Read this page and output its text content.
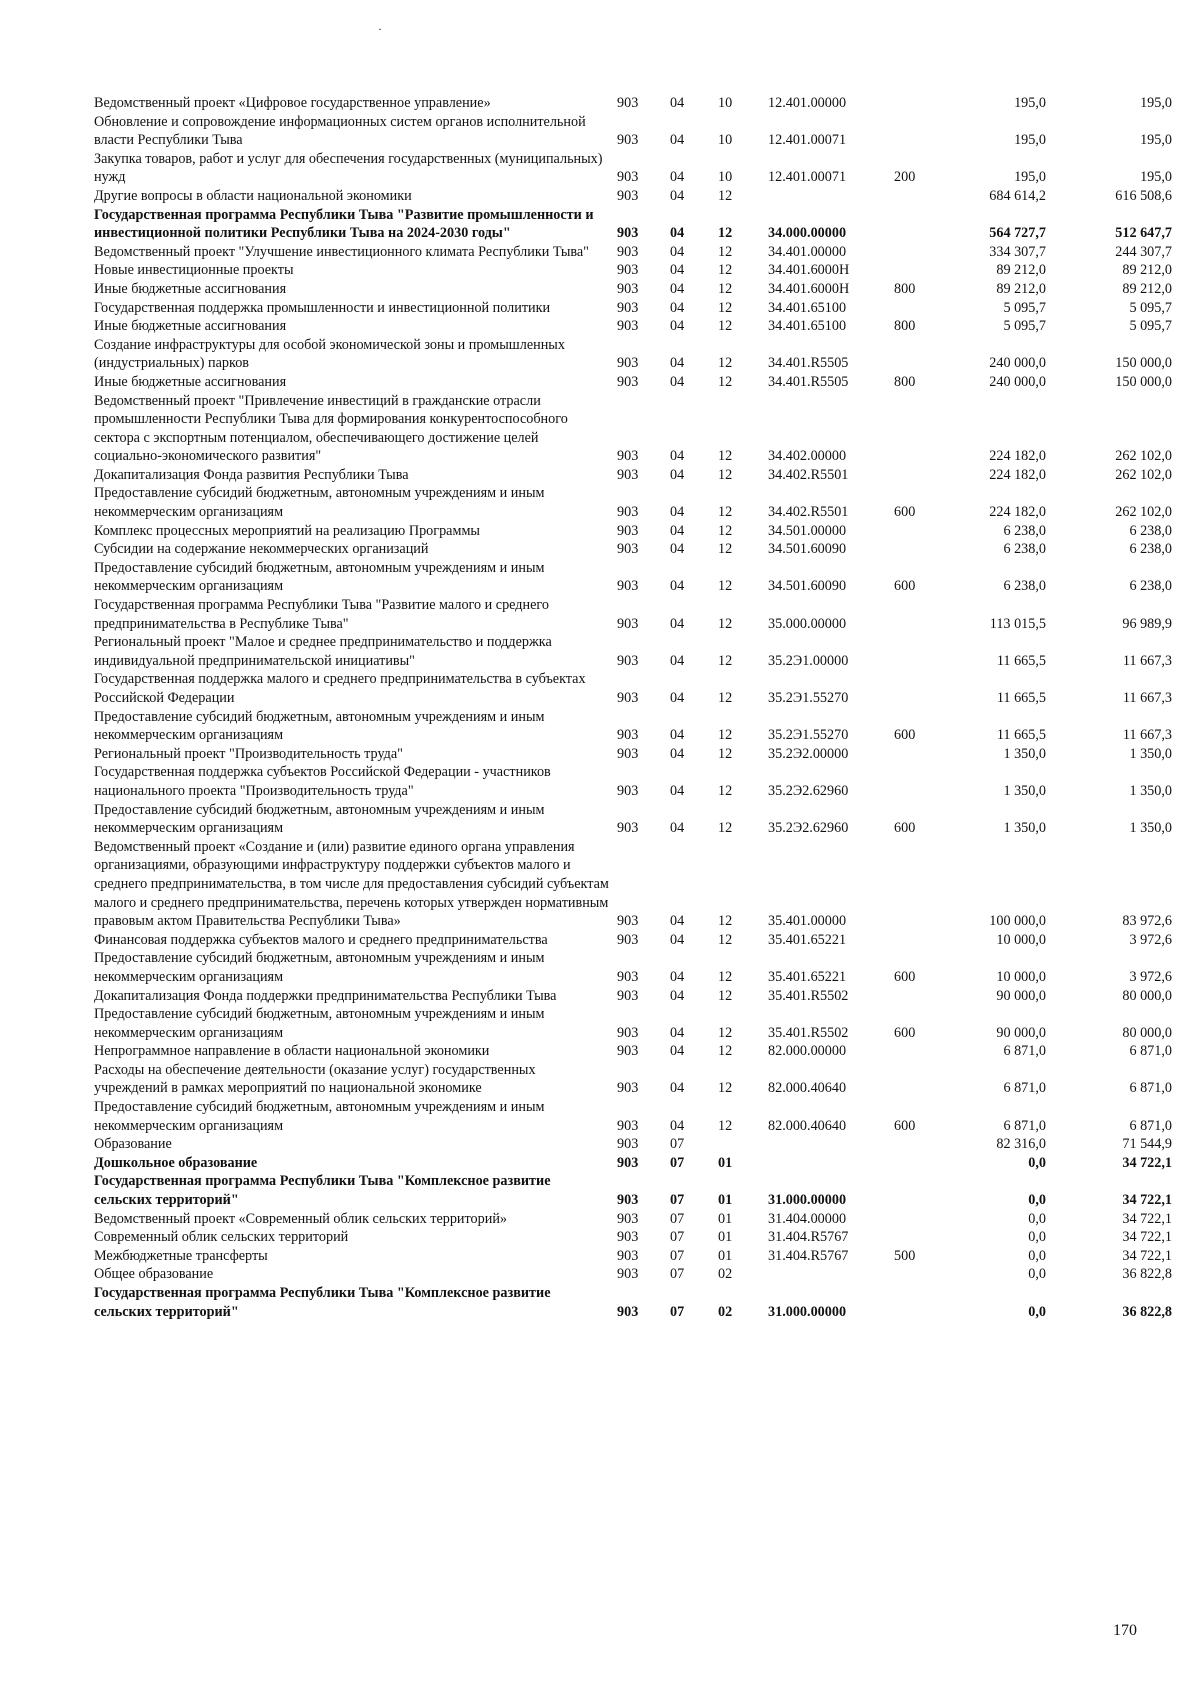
·
Ведомственный проект «Цифровое государственное управление»	903	04	10	12.401.00000		195,0	195,0
Обновление и сопровождение информационных систем органов исполнительной власти Республики Тыва	903	04	10	12.401.00071		195,0	195,0
Закупка товаров, работ и услуг для обеспечения государственных (муниципальных) нужд	903	04	10	12.401.00071	200	195,0	195,0
Другие вопросы в области национальной экономики	903	04	12			684 614,2	616 508,6
Государственная программа Республики Тыва "Развитие промышленности и инвестиционной политики Республики Тыва на 2024-2030 годы"	903	04	12	34.000.00000		564 727,7	512 647,7
Ведомственный проект "Улучшение инвестиционного климата Республики Тыва"	903	04	12	34.401.00000		334 307,7	244 307,7
Новые инвестиционные проекты	903	04	12	34.401.6000Н		89 212,0	89 212,0
Иные бюджетные ассигнования	903	04	12	34.401.6000Н	800	89 212,0	89 212,0
Государственная поддержка промышленности и инвестиционной политики	903	04	12	34.401.65100		5 095,7	5 095,7
Иные бюджетные ассигнования	903	04	12	34.401.65100	800	5 095,7	5 095,7
Создание инфраструктуры для особой экономической зоны и промышленных (индустриальных) парков	903	04	12	34.401.R5505		240 000,0	150 000,0
Иные бюджетные ассигнования	903	04	12	34.401.R5505	800	240 000,0	150 000,0
Ведомственный проект "Привлечение инвестиций в гражданские отрасли промышленности Республики Тыва для формирования конкурентоспособного сектора с экспортным потенциалом, обеспечивающего достижение целей социально-экономического развития"	903	04	12	34.402.00000		224 182,0	262 102,0
Докапитализация Фонда развития Республики Тыва	903	04	12	34.402.R5501		224 182,0	262 102,0
Предоставление субсидий бюджетным, автономным учреждениям и иным некоммерческим организациям	903	04	12	34.402.R5501	600	224 182,0	262 102,0
Комплекс процессных мероприятий на реализацию Программы	903	04	12	34.501.00000		6 238,0	6 238,0
Субсидии на содержание некоммерческих организаций	903	04	12	34.501.60090		6 238,0	6 238,0
Предоставление субсидий бюджетным, автономным учреждениям и иным некоммерческим организациям	903	04	12	34.501.60090	600	6 238,0	6 238,0
Государственная программа Республики Тыва "Развитие малого и среднего предпринимательства в Республике Тыва"	903	04	12	35.000.00000		113 015,5	96 989,9
Региональный проект "Малое и среднее предпринимательство и поддержка индивидуальной предпринимательской инициативы"	903	04	12	35.2Э1.00000		11 665,5	11 667,3
Государственная поддержка малого и среднего предпринимательства в субъектах Российской Федерации	903	04	12	35.2Э1.55270		11 665,5	11 667,3
Предоставление субсидий бюджетным, автономным учреждениям и иным некоммерческим организациям	903	04	12	35.2Э1.55270	600	11 665,5	11 667,3
Региональный проект "Производительность труда"	903	04	12	35.2Э2.00000		1 350,0	1 350,0
Государственная поддержка субъектов Российской Федерации - участников национального проекта "Производительность труда"	903	04	12	35.2Э2.62960		1 350,0	1 350,0
Предоставление субсидий бюджетным, автономным учреждениям и иным некоммерческим организациям	903	04	12	35.2Э2.62960	600	1 350,0	1 350,0
Ведомственный проект «Создание и (или) развитие единого органа управления организациями, образующими инфраструктуру поддержки субъектов малого и среднего предпринимательства, в том числе для предоставления субсидий субъектам малого и среднего предпринимательства, перечень которых утвержден нормативным правовым актом Правительства Республики Тыва»	903	04	12	35.401.00000		100 000,0	83 972,6
Финансовая поддержка субъектов малого и среднего предпринимательства	903	04	12	35.401.65221		10 000,0	3 972,6
Предоставление субсидий бюджетным, автономным учреждениям и иным некоммерческим организациям	903	04	12	35.401.65221	600	10 000,0	3 972,6
Докапитализация Фонда поддержки предпринимательства Республики Тыва	903	04	12	35.401.R5502		90 000,0	80 000,0
Предоставление субсидий бюджетным, автономным учреждениям и иным некоммерческим организациям	903	04	12	35.401.R5502	600	90 000,0	80 000,0
Непрограммное направление в области национальной экономики	903	04	12	82.000.00000		6 871,0	6 871,0
Расходы на обеспечение деятельности (оказание услуг) государственных учреждений в рамках мероприятий по национальной экономике	903	04	12	82.000.40640		6 871,0	6 871,0
Предоставление субсидий бюджетным, автономным учреждениям и иным некоммерческим организациям	903	04	12	82.000.40640	600	6 871,0	6 871,0
Образование	903	07				82 316,0	71 544,9
Дошкольное образование	903	07	01			0,0	34 722,1
Государственная программа Республики Тыва "Комплексное развитие сельских территорий"	903	07	01	31.000.00000		0,0	34 722,1
Ведомственный проект «Современный облик сельских территорий»	903	07	01	31.404.00000		0,0	34 722,1
Современный облик сельских территорий	903	07	01	31.404.R5767		0,0	34 722,1
Межбюджетные трансферты	903	07	01	31.404.R5767	500	0,0	34 722,1
Общее образование	903	07	02			0,0	36 822,8
Государственная программа Республики Тыва "Комплексное развитие сельских территорий"	903	07	02	31.000.00000		0,0	36 822,8
170
